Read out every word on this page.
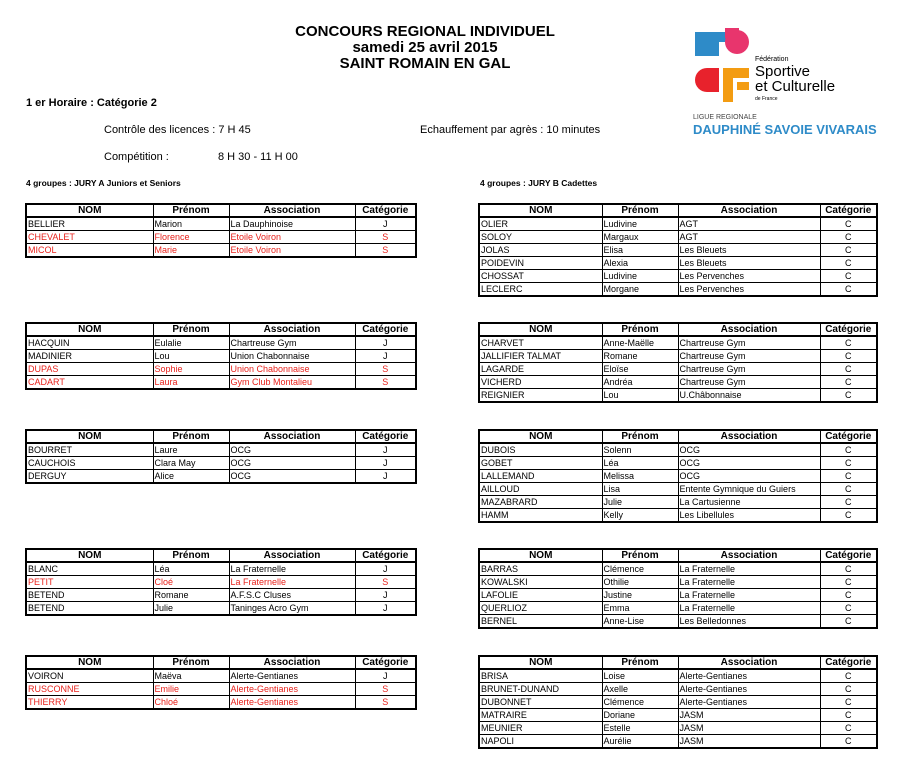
CONCOURS REGIONAL INDIVIDUEL
samedi 25 avril 2015
SAINT ROMAIN EN GAL	Fédération
Sportive
et Culturelle
de France
LIGUE REGIONALE
DAUPHINÉ SAVOIE VIVARAIS
1 er Horaire : Catégorie 2
Contrôle des licences : 7 H 45	Echauffement par agrès : 10 minutes
Compétition :	8 H 30 - 11 H 00
4 groupes : JURY A Juniors et Seniors	4 groupes : JURY B Cadettes
NOM	Prénom	Association	Catégorie
BELLIER	Marion	La Dauphinoise	J
CHEVALET	Florence	Etoile Voiron	S
MICOL	Marie	Etoile Voiron	S
NOM	Prénom	Association	Catégorie
HACQUIN	Eulalie	Chartreuse Gym	J
MADINIER	Lou	Union Chabonnaise	J
DUPAS	Sophie	Union Chabonnaise	S
CADART	Laura	Gym Club Montalieu	S
NOM	Prénom	Association	Catégorie
BOURRET	Laure	OCG	J
CAUCHOIS	Clara May	OCG	J
DERGUY	Alice	OCG	J
NOM	Prénom	Association	Catégorie
BLANC	Léa	La Fraternelle	J
PETIT	Cloé	La Fraternelle	S
BETEND	Romane	A.F.S.C Cluses	J
BETEND	Julie	Taninges Acro Gym	J
NOM	Prénom	Association	Catégorie
VOIRON	Maëva	Alerte-Gentianes	J
RUSCONNE	Emilie	Alerte-Gentianes	S
THIERRY	Chloé	Alerte-Gentianes	S
NOM	Prénom	Association	Catégorie
OLIER	Ludivine	AGT	C
SOLOY	Margaux	AGT	C
JOLAS	Elisa	Les Bleuets	C
POIDEVIN	Alexia	Les Bleuets	C
CHOSSAT	Ludivine	Les Pervenches	C
LECLERC	Morgane	Les Pervenches	C
NOM	Prénom	Association	Catégorie
CHARVET	Anne-Maëlle	Chartreuse Gym	C
JALLIFIER TALMAT	Romane	Chartreuse Gym	C
LAGARDE	Eloïse	Chartreuse Gym	C
VICHERD	Andréa	Chartreuse Gym	C
REIGNIER	Lou	U.Châbonnaise	C
NOM	Prénom	Association	Catégorie
DUBOIS	Solenn	OCG	C
GOBET	Léa	OCG	C
LALLEMAND	Melissa	OCG	C
AILLOUD	Lisa	Entente Gymnique du Guiers	C
MAZABRARD	Julie	La Cartusienne	C
HAMM	Kelly	Les Libellules	C
NOM	Prénom	Association	Catégorie
BARRAS	Clémence	La Fraternelle	C
KOWALSKI	Othilie	La Fraternelle	C
LAFOLIE	Justine	La Fraternelle	C
QUERLIOZ	Emma	La Fraternelle	C
BERNEL	Anne-Lise	Les Belledonnes	C
NOM	Prénom	Association	Catégorie
BRISA	Loise	Alerte-Gentianes	C
BRUNET-DUNAND	Axelle	Alerte-Gentianes	C
DUBONNET	Clémence	Alerte-Gentianes	C
MATRAIRE	Doriane	JASM	C
MEUNIER	Estelle	JASM	C
NAPOLI	Aurélie	JASM	C
